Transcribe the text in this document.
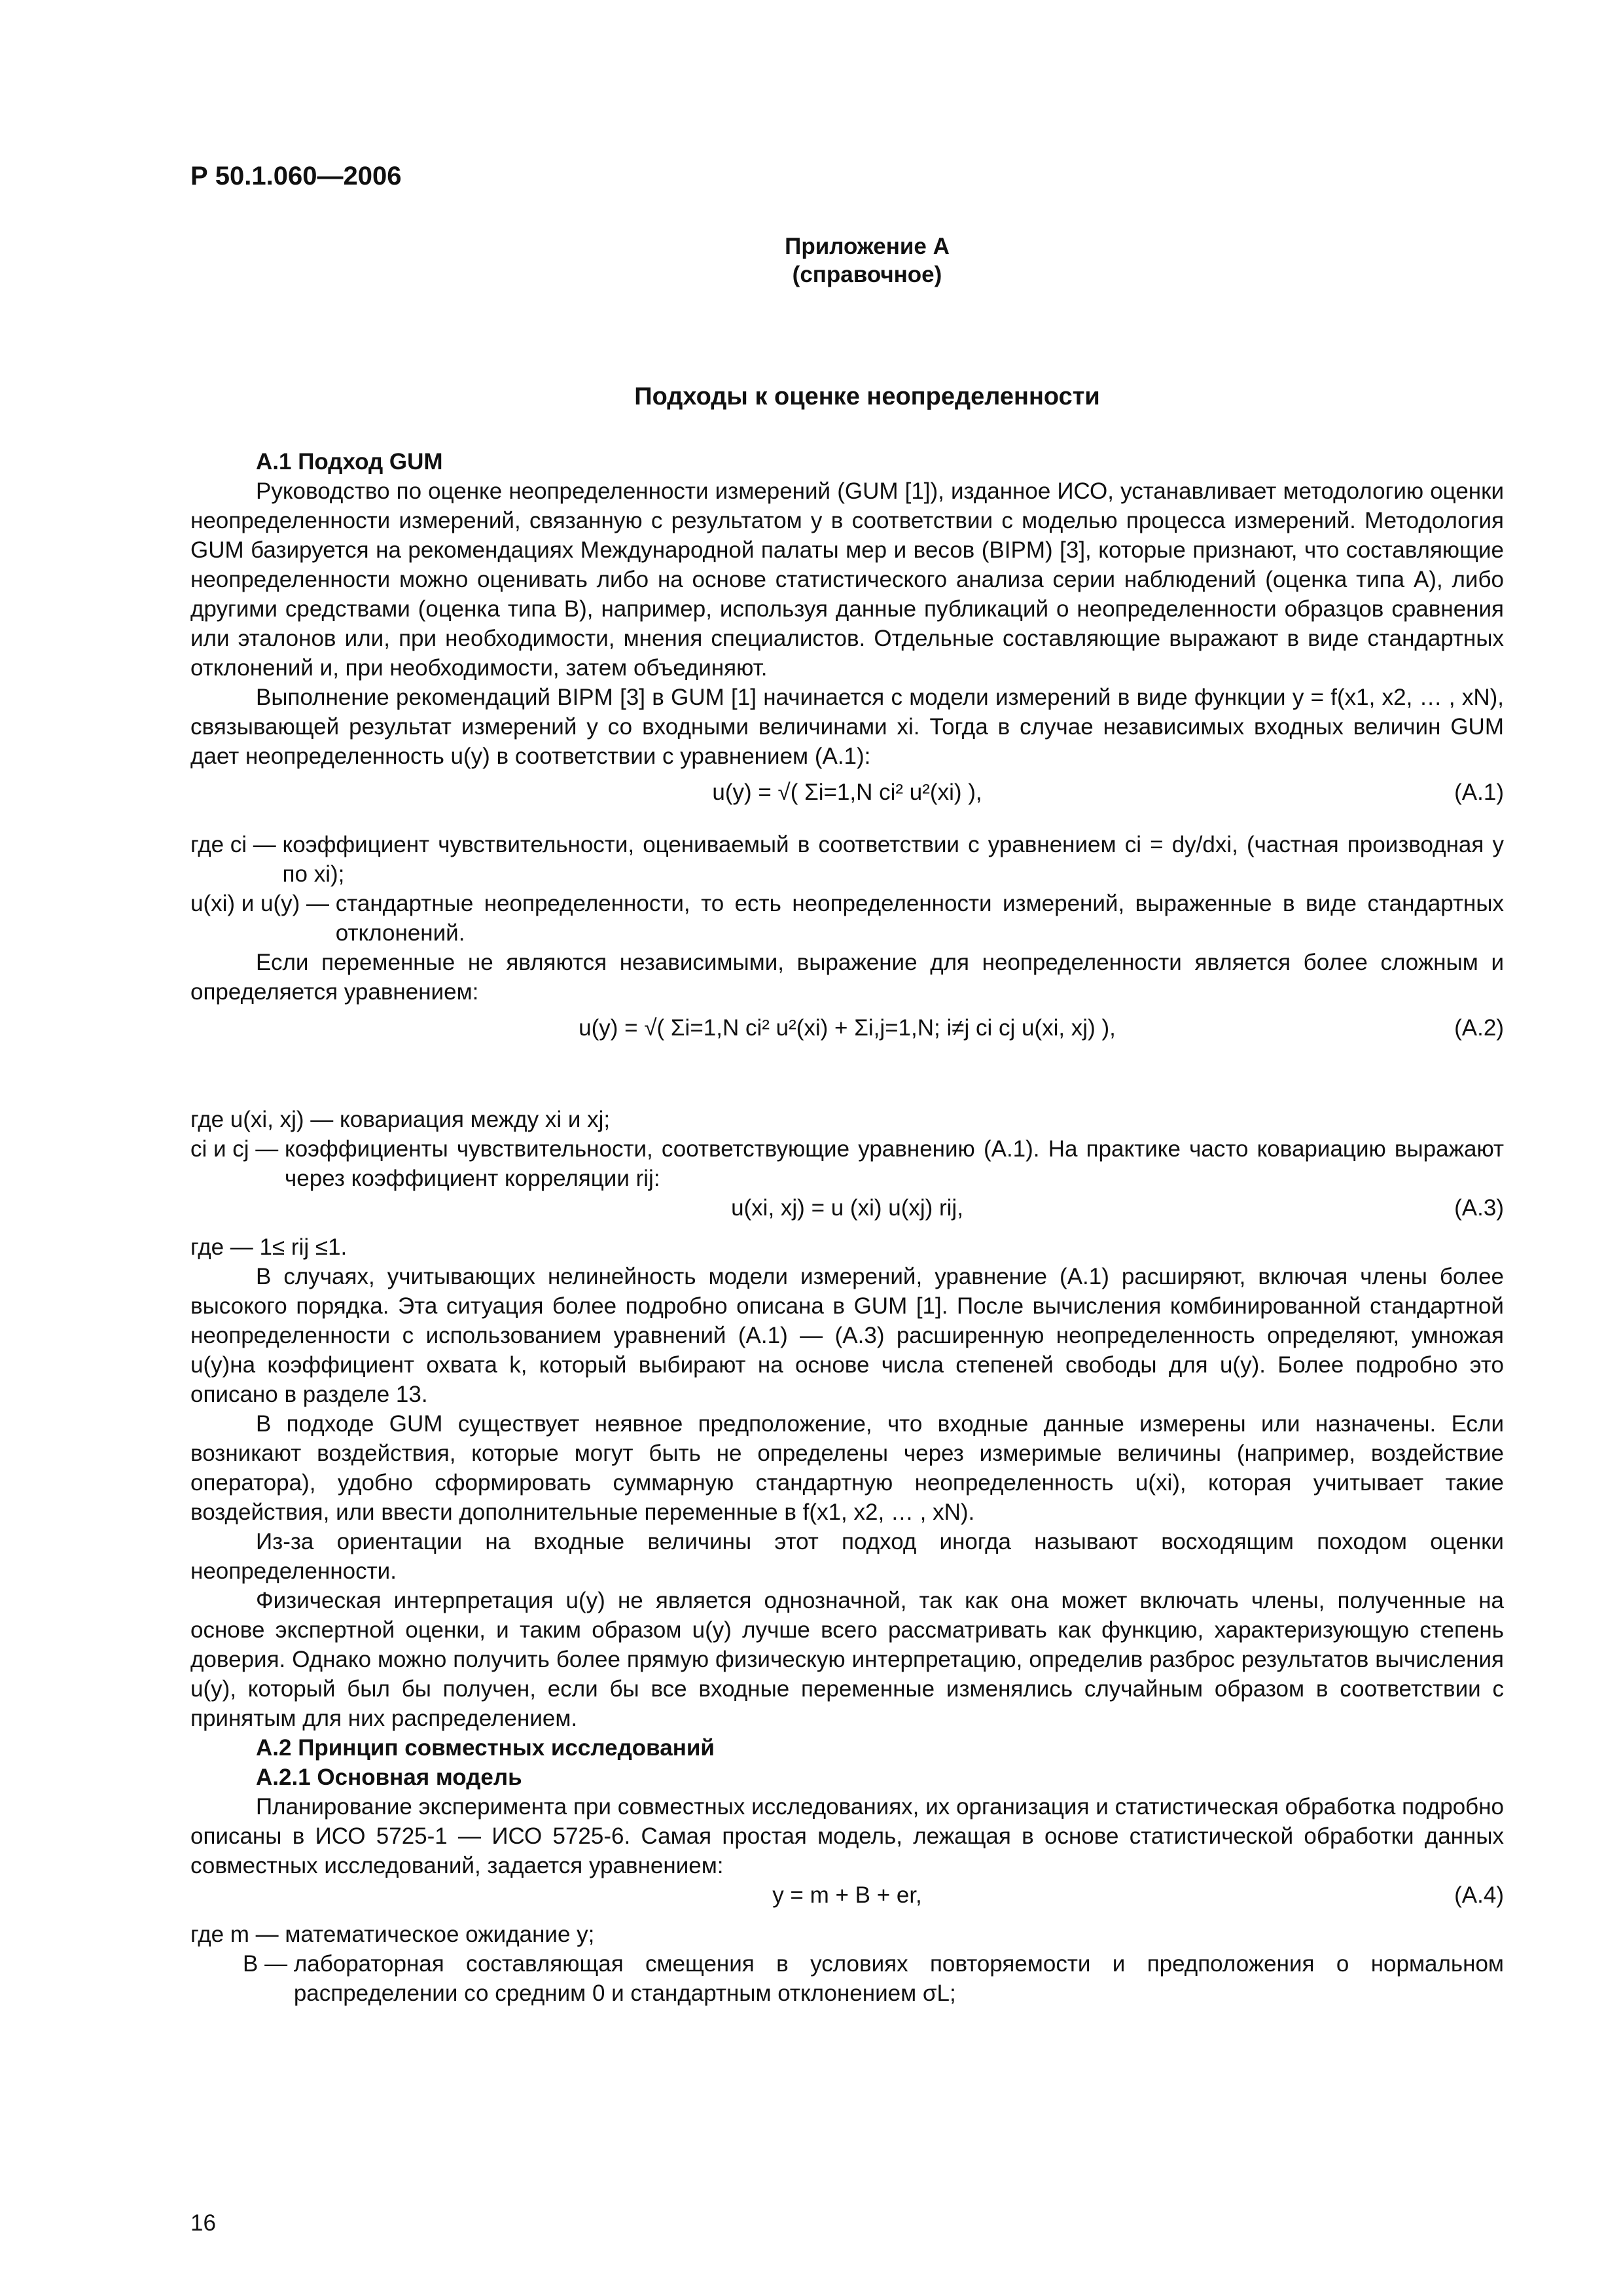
Р 50.1.060—2006
Приложение А
(справочное)
Подходы к оценке неопределенности
А.1 Подход GUM

Руководство по оценке неопределенности измерений (GUM [1]), изданное ИСО, устанавливает методологию оценки неопределенности измерений, связанную с результатом y в соответствии с моделью процесса измерений. Методология GUM базируется на рекомендациях Международной палаты мер и весов (BIPM) [3], которые признают, что составляющие неопределенности можно оценивать либо на основе статистического анализа серии наблюдений (оценка типа А), либо другими средствами (оценка типа В), например, используя данные публикаций о неопределенности образцов сравнения или эталонов или, при необходимости, мнения специалистов. Отдельные составляющие выражают в виде стандартных отклонений и, при необходимости, затем объединяют.

Выполнение рекомендаций BIPM [3] в GUM [1] начинается с модели измерений в виде функции y = f(x1, x2, … , xN), связывающей результат измерений y со входными величинами xi. Тогда в случае независимых входных величин GUM дает неопределенность u(y) в соответствии с уравнением (А.1):

u(y) = √( Σi=1,N ci² u²(xi) ),	(А.1)
где ci —
коэффициент чувствительности, оцениваемый в соответствии с уравнением ci = dy/dxi, (частная производная y по xi);
u(xi) и u(y) —
стандартные неопределенности, то есть неопределенности измерений, выраженные в виде стандартных отклонений.

Если переменные не являются независимыми, выражение для неопределенности является более сложным и определяется уравнением:

u(y) = √( Σi=1,N ci² u²(xi) + Σi,j=1,N; i≠j ci cj u(xi, xj) ),	(А.2)
где u(xi, xj) —
ковариация между xi и xj;
ci и cj —
коэффициенты чувствительности, соответствующие уравнению (А.1). На практике часто ковариацию выражают через коэффициент корреляции rij:
u(xi, xj) = u (xi) u(xj) rij,	(А.3)
где — 1≤ rij ≤1.

В случаях, учитывающих нелинейность модели измерений, уравнение (А.1) расширяют, включая члены более высокого порядка. Эта ситуация более подробно описана в GUM [1]. После вычисления комбинированной стандартной неопределенности с использованием уравнений (А.1) — (А.3) расширенную неопределенность определяют, умножая u(y)на коэффициент охвата k, который выбирают на основе числа степеней свободы для u(y). Более подробно это описано в разделе 13.

В подходе GUM существует неявное предположение, что входные данные измерены или назначены. Если возникают воздействия, которые могут быть не определены через измеримые величины (например, воздействие оператора), удобно сформировать суммарную стандартную неопределенность u(xi), которая учитывает такие воздействия, или ввести дополнительные переменные в f(x1, x2, … , xN).

Из-за ориентации на входные величины этот подход иногда называют восходящим походом оценки неопределенности.

Физическая интерпретация u(y) не является однозначной, так как она может включать члены, полученные на основе экспертной оценки, и таким образом u(y) лучше всего рассматривать как функцию, характеризующую степень доверия. Однако можно получить более прямую физическую интерпретацию, определив разброс результатов вычисления u(y), который был бы получен, если бы все входные переменные изменялись случайным образом в соответствии с принятым для них распределением.

А.2 Принцип совместных исследований
А.2.1 Основная модель

Планирование эксперимента при совместных исследованиях, их организация и статистическая обработка подробно описаны в ИСО 5725-1 — ИСО 5725-6. Самая простая модель, лежащая в основе статистической обработки данных совместных исследований, задается уравнением:

y = m + B + er,	(А.4)
где m —
математическое ожидание y;
B —
лабораторная составляющая смещения в условиях повторяемости и предположения о нормальном распределении со средним 0 и стандартным отклонением σL;
16
